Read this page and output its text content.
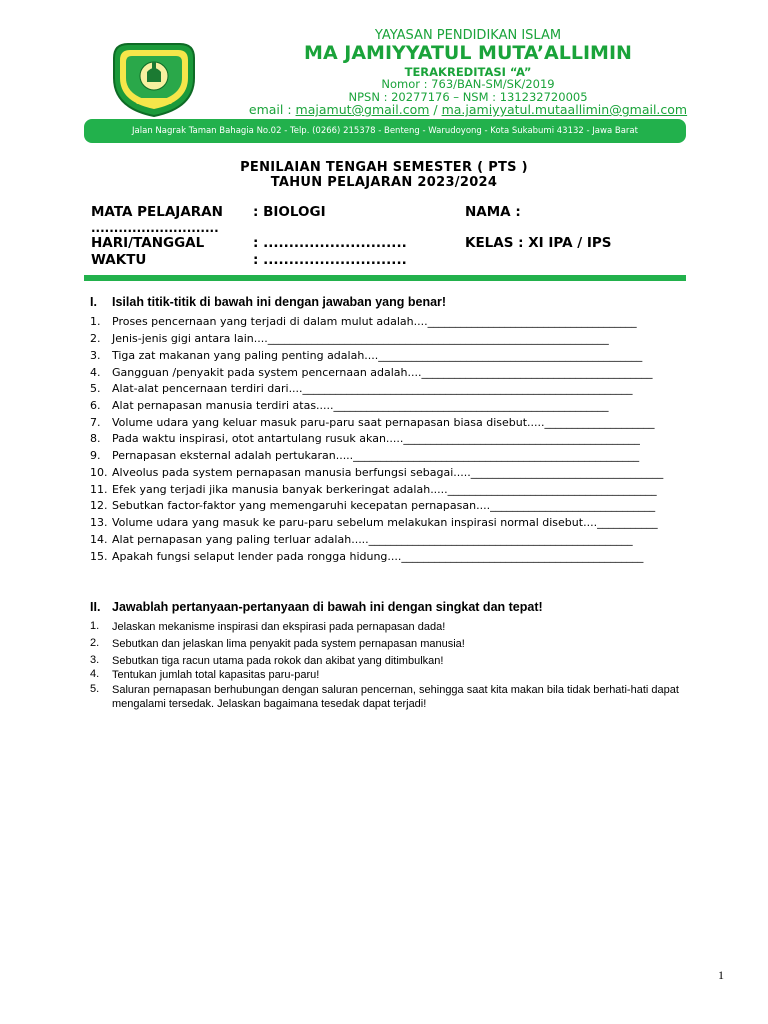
YAYASAN PENDIDIKAN ISLAM
MA JAMIYYATUL MUTA’ALLIMIN
TERAKREDITASI “A”
Nomor : 763/BAN-SM/SK/2019
NPSN : 20277176 – NSM : 131232720005
email : majamut@gmail.com / ma.jamiyyatul.mutaallimin@gmail.com
Jalan Nagrak Taman Bahagia No.02 - Telp. (0266) 215378 - Benteng - Warudoyong - Kota Sukabumi 43132 - Jawa Barat
PENILAIAN TENGAH SEMESTER ( PTS )
TAHUN PELAJARAN 2023/2024
MATA PELAJARAN : BIOLOGI	NAMA :
............................
HARI/TANGGAL	: ............................	KELAS : XI IPA / IPS
WAKTU	: ............................
I. Isilah titik-titik di bawah ini dengan jawaban yang benar!
1. Proses pencernaan yang terjadi di dalam mulut adalah....______________________________________
2. Jenis-jenis gigi antara lain....______________________________________________________________
3. Tiga zat makanan yang paling penting adalah....________________________________________________
4. Gangguan /penyakit pada system pencernaan adalah....__________________________________________
5. Alat-alat pencernaan terdiri dari....____________________________________________________________
6. Alat pernapasan manusia terdiri atas.....__________________________________________________
7. Volume udara yang keluar masuk paru-paru saat pernapasan biasa disebut.....____________________
8. Pada waktu inspirasi, otot antartulang rusuk akan.....___________________________________________
9. Pernapasan eksternal adalah pertukaran.....____________________________________________________
10. Alveolus pada system pernapasan manusia berfungsi sebagai.....___________________________________
11. Efek yang terjadi jika manusia banyak berkeringat adalah.....______________________________________
12. Sebutkan factor-faktor yang memengaruhi kecepatan pernapasan....______________________________
13. Volume udara yang masuk ke paru-paru sebelum melakukan inspirasi normal disebut....___________
14. Alat pernapasan yang paling terluar adalah.....________________________________________________
15. Apakah fungsi selaput lender pada rongga hidung....____________________________________________
II. Jawablah pertanyaan-pertanyaan di bawah ini dengan singkat dan tepat!
1.	Jelaskan mekanisme inspirasi dan ekspirasi pada pernapasan dada!
2.	Sebutkan dan jelaskan lima penyakit pada system pernapasan manusia!
3.	Sebutkan tiga racun utama pada rokok dan akibat yang ditimbulkan!
4.	Tentukan jumlah total kapasitas paru-paru!
5.	Saluran pernapasan berhubungan dengan saluran pencernan, sehingga saat kita makan bila tidak berhati-hati dapat mengalami tersedak. Jelaskan bagaimana tesedak dapat terjadi!
1
